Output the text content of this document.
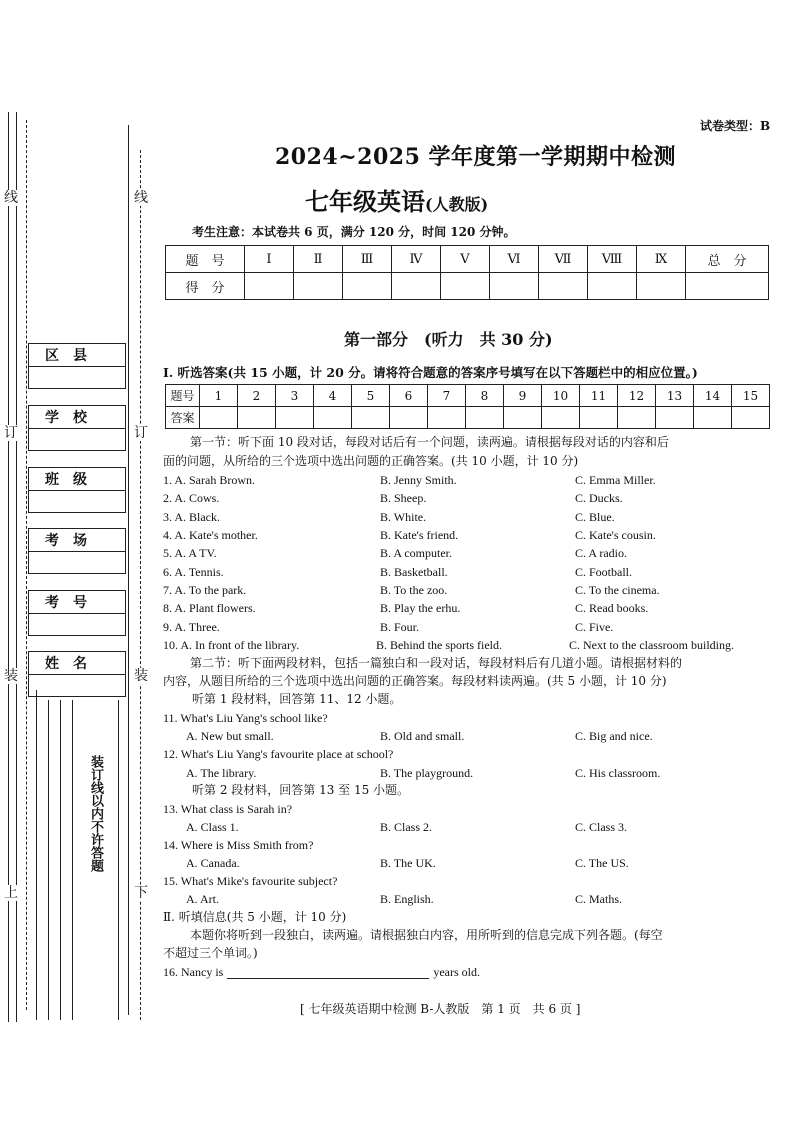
线
订
装
上
线
订
装
下
区　县
学　校
班　级
考　场
考　号
姓　名
装订线以内不许答题
试卷类型：B
2024~2025 学年度第一学期期中检测
七年级英语(人教版)
考生注意：本试卷共 6 页，满分 120 分，时间 120 分钟。
题　号	Ⅰ	Ⅱ	Ⅲ	Ⅳ	Ⅴ	Ⅵ	Ⅶ	Ⅷ	Ⅸ	总　分
得　分										
第一部分　(听力　共 30 分)
I. 听选答案(共 15 小题，计 20 分。请将符合题意的答案序号填写在以下答题栏中的相应位置。)
题号	1	2	3	4	5	6	7	8	9	10	11	12	13	14	15
答案															
第一节：听下面 10 段对话，每段对话后有一个问题，读两遍。请根据每段对话的内容和后
面的问题，从所给的三个选项中选出问题的正确答案。(共 10 小题，计 10 分)
1. A. Sarah Brown.	B. Jenny Smith.	C. Emma Miller.
2. A. Cows.	B. Sheep.	C. Ducks.
3. A. Black.	B. White.	C. Blue.
4. A. Kate's mother.	B. Kate's friend.	C. Kate's cousin.
5. A. A TV.	B. A computer.	C. A radio.
6. A. Tennis.	B. Basketball.	C. Football.
7. A. To the park.	B. To the zoo.	C. To the cinema.
8. A. Plant flowers.	B. Play the erhu.	C. Read books.
9. A. Three.	B. Four.	C. Five.
10. A. In front of the library.	B. Behind the sports field.	C. Next to the classroom building.
第二节：听下面两段材料，包括一篇独白和一段对话，每段材料后有几道小题。请根据材料的
内容，从题目所给的三个选项中选出问题的正确答案。每段材料读两遍。(共 5 小题，计 10 分)
听第 1 段材料，回答第 11、12 小题。
11. What's Liu Yang's school like?
A. New but small.	B. Old and small.	C. Big and nice.
12. What's Liu Yang's favourite place at school?
A. The library.	B. The playground.	C. His classroom.
听第 2 段材料，回答第 13 至 15 小题。
13. What class is Sarah in?
A. Class 1.	B. Class 2.	C. Class 3.
14. Where is Miss Smith from?
A. Canada.	B. The UK.	C. The US.
15. What's Mike's favourite subject?
A. Art.	B. English.	C. Maths.
Ⅱ. 听填信息(共 5 小题，计 10 分)
本题你将听到一段独白，读两遍。请根据独白内容，用所听到的信息完成下列各题。(每空
不超过三个单词。)
16. Nancy is	years old.
[ 七年级英语期中检测 B-人教版　第 1 页　共 6 页 ]
